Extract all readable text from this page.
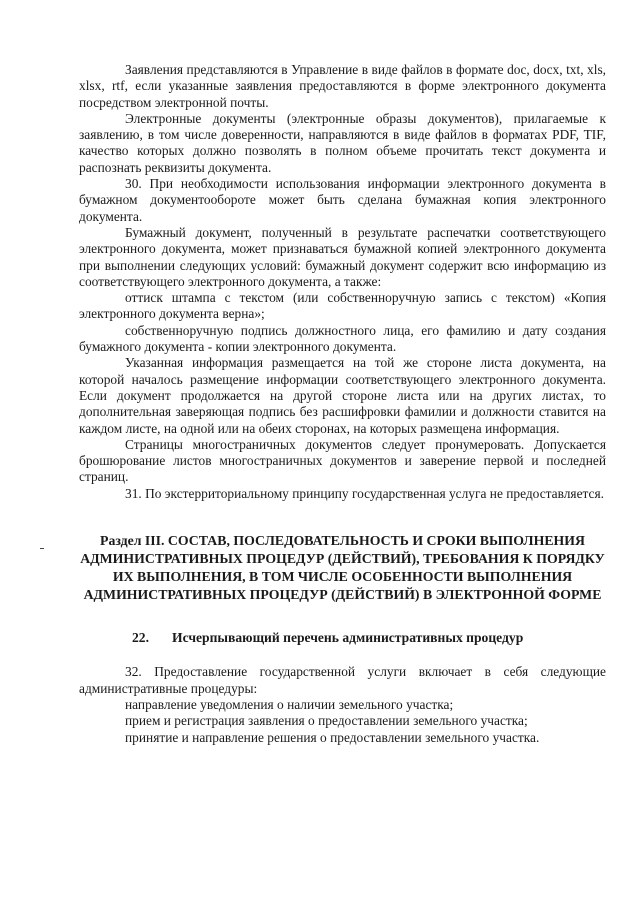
Заявления представляются в Управление в виде файлов в формате doc, docx, txt, xls, xlsx, rtf, если указанные заявления предоставляются в форме электронного документа посредством электронной почты.

Электронные документы (электронные образы документов), прилагаемые к заявлению, в том числе доверенности, направляются в виде файлов в форматах PDF, TIF, качество которых должно позволять в полном объеме прочитать текст документа и распознать реквизиты документа.

30. При необходимости использования информации электронного документа в бумажном документообороте может быть сделана бумажная копия электронного документа.

Бумажный документ, полученный в результате распечатки соответствующего электронного документа, может признаваться бумажной копией электронного документа при выполнении следующих условий: бумажный документ содержит всю информацию из соответствующего электронного документа, а также:

оттиск штампа с текстом (или собственноручную запись с текстом) «Копия электронного документа верна»;

собственноручную подпись должностного лица, его фамилию и дату создания бумажного документа - копии электронного документа.

Указанная информация размещается на той же стороне листа документа, на которой началось размещение информации соответствующего электронного документа. Если документ продолжается на другой стороне листа или на других листах, то дополнительная заверяющая подпись без расшифровки фамилии и должности ставится на каждом листе, на одной или на обеих сторонах, на которых размещена информация.

Страницы многостраничных документов следует пронумеровать. Допускается брошюрование листов многостраничных документов и заверение первой и последней страниц.

31. По экстерриториальному принципу государственная услуга не предоставляется.

Раздел III. СОСТАВ, ПОСЛЕДОВАТЕЛЬНОСТЬ И СРОКИ ВЫПОЛНЕНИЯ АДМИНИСТРАТИВНЫХ ПРОЦЕДУР (ДЕЙСТВИЙ), ТРЕБОВАНИЯ К ПОРЯДКУ ИХ ВЫПОЛНЕНИЯ, В ТОМ ЧИСЛЕ ОСОБЕННОСТИ ВЫПОЛНЕНИЯ АДМИНИСТРАТИВНЫХ ПРОЦЕДУР (ДЕЙСТВИЙ) В ЭЛЕКТРОННОЙ ФОРМЕ
22. Исчерпывающий перечень административных процедур

32. Предоставление государственной услуги включает в себя следующие административные процедуры:

направление уведомления о наличии земельного участка;

прием и регистрация заявления о предоставлении земельного участка;

принятие и направление решения о предоставлении земельного участка.
